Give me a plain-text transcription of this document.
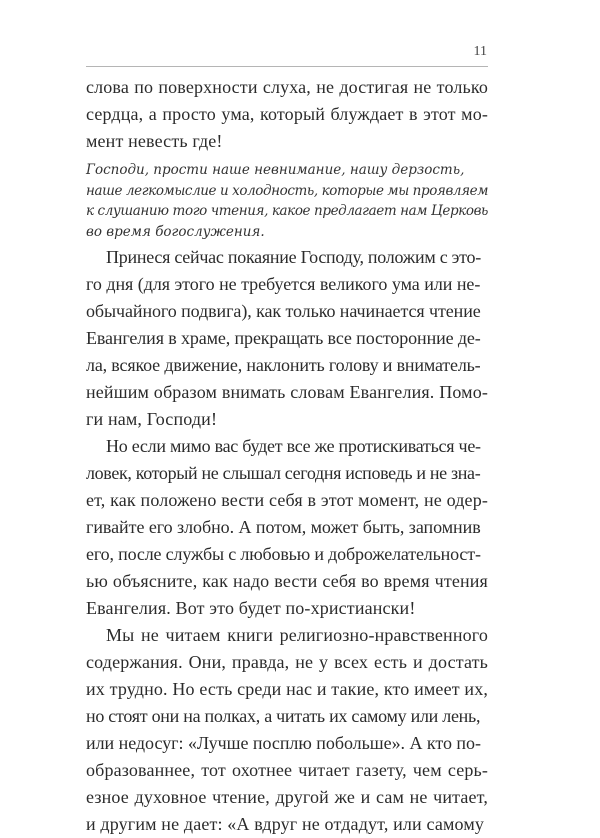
11

слова по поверхности слуха, не достигая не только
сердца, а просто ума, который блуждает в этот мо-
мент невесть где!

Господи, прости наше невнимание, нашу дерзость,
наше легкомыслие и холодность, которые мы проявляем
к слушанию того чтения, какое предлагает нам Церковь
во время богослужения.

Принеся сейчас покаяние Господу, положим с это-
го дня (для этого не требуется великого ума или не-
обычайного подвига), как только начинается чтение
Евангелия в храме, прекращать все посторонние де-
ла, всякое движение, наклонить голову и вниматель-
нейшим образом внимать словам Евангелия. Помо-
ги нам, Господи!

Но если мимо вас будет все же протискиваться че-
ловек, который не слышал сегодня исповедь и не зна-
ет, как положено вести себя в этот момент, не одер-
гивайте его злобно. А потом, может быть, запомнив
его, после службы с любовью и доброжелательност-
ью объясните, как надо вести себя во время чтения
Евангелия. Вот это будет по-христиански!

Мы не читаем книги религиозно-нравственного
содержания. Они, правда, не у всех есть и достать
их трудно. Но есть среди нас и такие, кто имеет их,
но стоят они на полках, а читать их самому или лень,
или недосуг: «Лучше посплю побольше». А кто по-
образованнее, тот охотнее читает газету, чем серь-
езное духовное чтение, другой же и сам не читает,
и другим не дает: «А вдруг не отдадут, или самому
